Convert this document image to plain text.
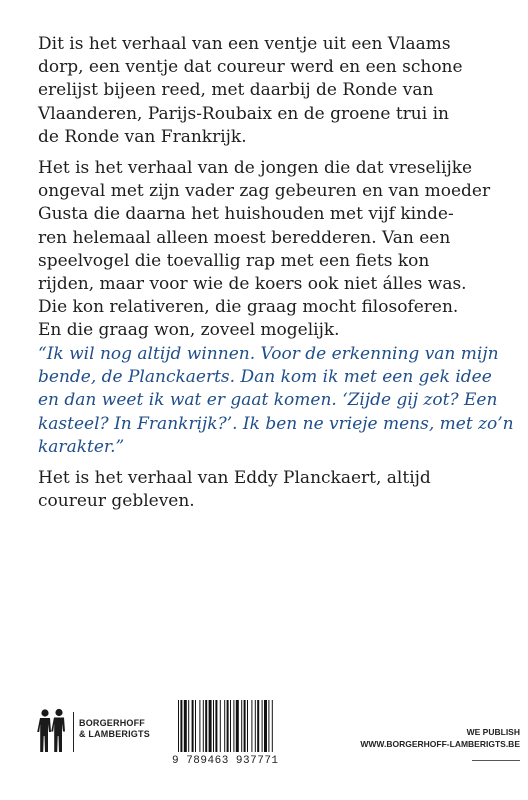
Dit is het verhaal van een ventje uit een Vlaams
dorp, een ventje dat coureur werd en een schone
erelijst bijeen reed, met daarbij de Ronde van
Vlaanderen, Parijs-Roubaix en de groene trui in
de Ronde van Frankrijk.
Het is het verhaal van de jongen die dat vreselijke
ongeval met zijn vader zag gebeuren en van moeder
Gusta die daarna het huishouden met vijf kinde-
ren helemaal alleen moest beredderen. Van een
speelvogel die toevallig rap met een fiets kon
rijden, maar voor wie de koers ook niet álles was.
Die kon relativeren, die graag mocht filosoferen.
En die graag won, zoveel mogelijk.
“Ik wil nog altijd winnen. Voor de erkenning van mijn
bende, de Planckaerts. Dan kom ik met een gek idee
en dan weet ik wat er gaat komen. ‘Zijde gij zot? Een
kasteel? In Frankrijk?’. Ik ben ne vrieje mens, met zo’n
karakter.”
Het is het verhaal van Eddy Planckaert, altijd
coureur gebleven.
BORGERHOFF
& LAMBERIGTS
9 789463 937771
WE PUBLISH
WWW.BORGERHOFF-LAMBERIGTS.BE
